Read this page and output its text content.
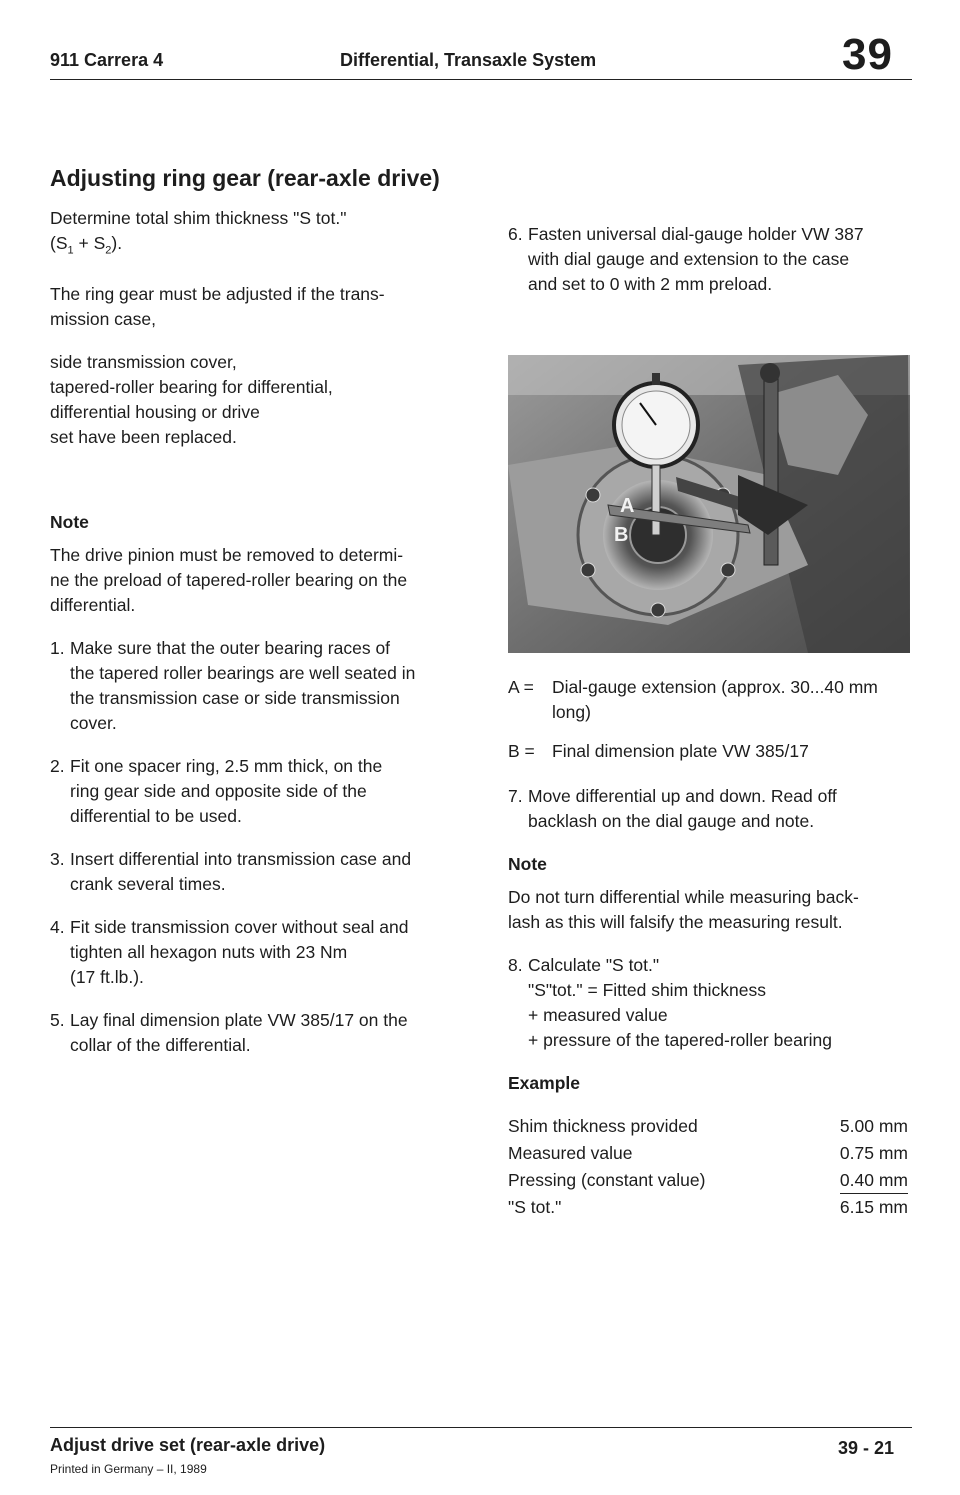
911 Carrera 4	Differential, Transaxle System	39
Adjusting ring gear (rear-axle drive)

Determine total shim thickness "S tot."
$(S_1 + S_2)$.

The ring gear must be adjusted if the trans-
mission case,

side transmission cover,
tapered-roller bearing for differential,
differential housing or drive
set have been replaced.

Note

The drive pinion must be removed to determi-
ne the preload of tapered-roller bearing on the
differential.

1. Make sure that the outer bearing races of
the tapered roller bearings are well seated in
the transmission case or side transmission
cover.
2. Fit one spacer ring, 2.5 mm thick, on the
ring gear side and opposite side of the
differential to be used.
3. Insert differential into transmission case and
crank several times.
4. Fit side transmission cover without seal and
tighten all hexagon nuts with 23 Nm
(17 ft.lb.).
5. Lay final dimension plate VW 385/17 on the
collar of the differential.
6. Fasten universal dial-gauge holder VW 387
with dial gauge and extension to the case
and set to 0 with 2 mm preload.
A
B
A =	Dial-gauge extension (approx. 30...40 mm
long)
B = Final dimension plate VW 385/17
7. Move differential up and down. Read off
backlash on the dial gauge and note.
Note

Do not turn differential while measuring back-
lash as this will falsify the measuring result.

8. Calculate "S tot."
"S"tot." = Fitted shim thickness
+ measured value
+ pressure of the tapered-roller bearing
Example
Shim thickness provided	5.00 mm
Measured value	0.75 mm
Pressing (constant value)	0.40 mm
"S tot."	6.15 mm
Adjust drive set (rear-axle drive)
Printed in Germany – II, 1989
39 - 21
